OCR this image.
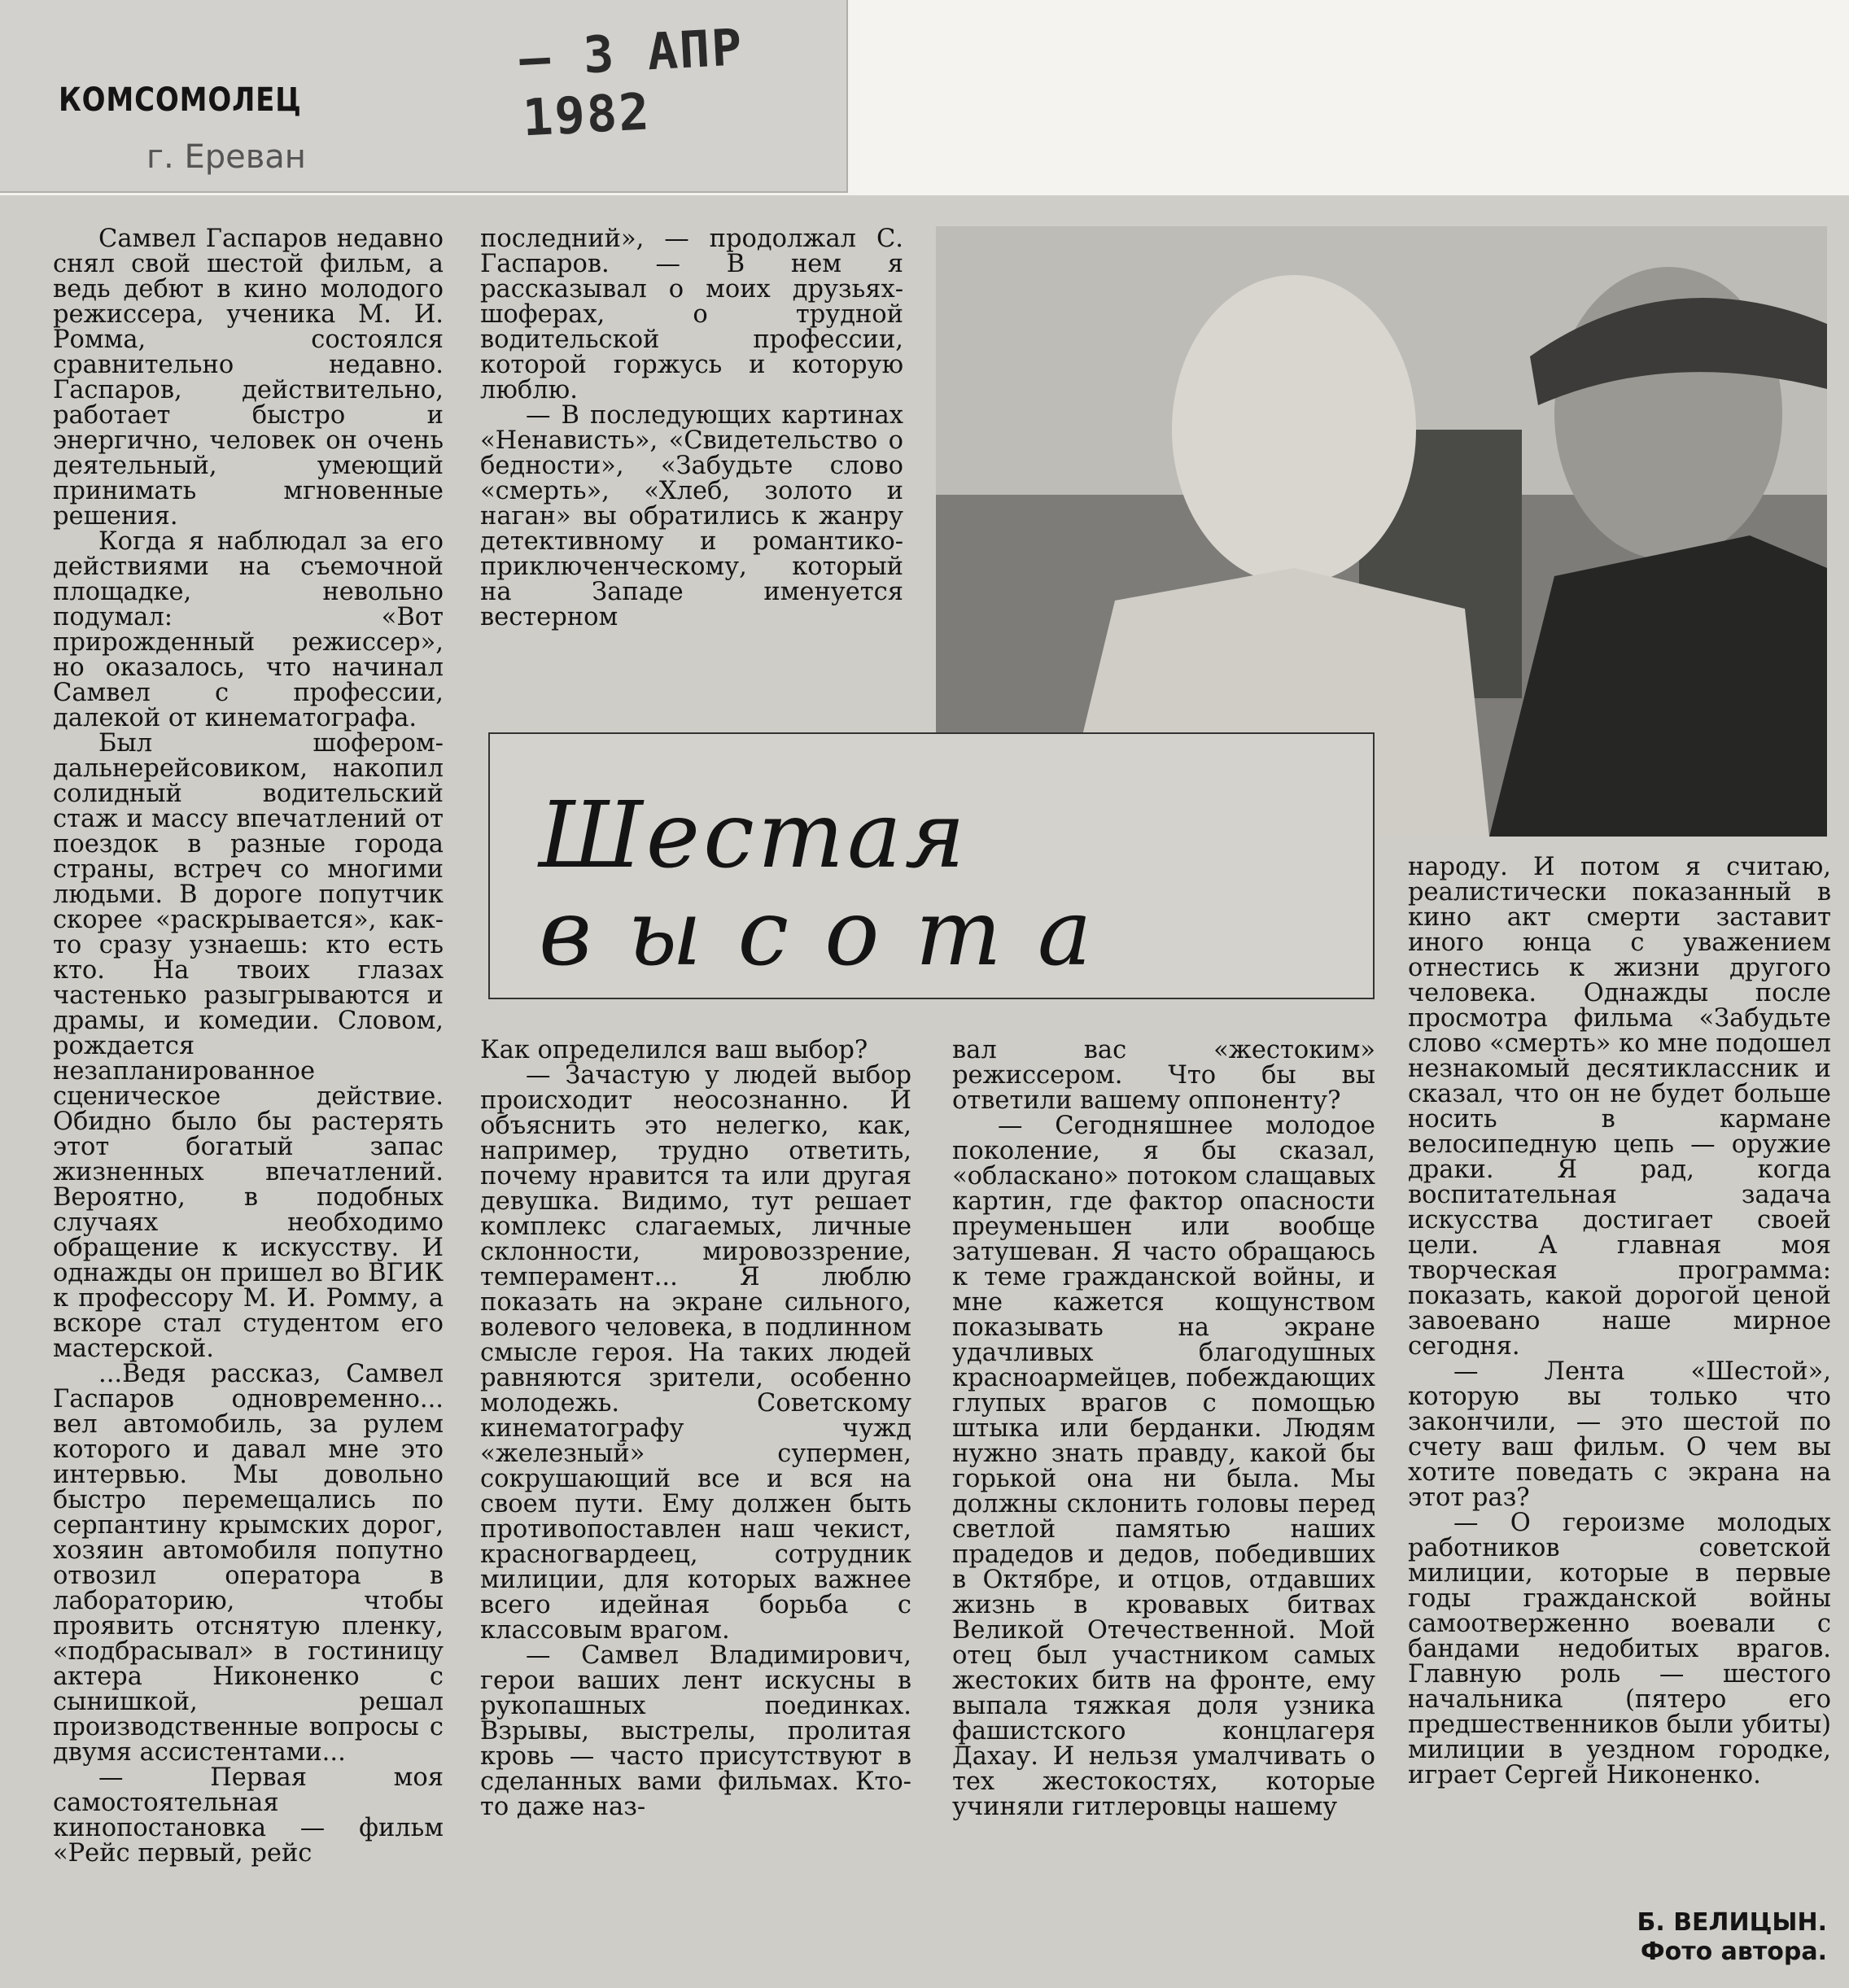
КОМСОМОЛЕЦ
г. Ереван
– 3 АПР 1982

Самвел Гаспаров недавно снял свой шестой фильм, а ведь дебют в кино молодого режиссера, ученика М. И. Ромма, состоялся сравнительно недавно. Гаспаров, действительно, работает быстро и энергично, человек он очень деятельный, умеющий принимать мгновенные решения.

Когда я наблюдал за его действиями на съемочной площадке, невольно подумал: «Вот прирожденный режиссер», но оказалось, что начинал Самвел с профессии, далекой от кинематографа.

Был шофером-дальнерейсовиком, накопил солидный водительский стаж и массу впечатлений от поездок в разные города страны, встреч со многими людьми. В дороге попутчик скорее «раскрывается», как-то сразу узнаешь: кто есть кто. На твоих глазах частенько разыгрываются и драмы, и комедии. Словом, рождается незапланированное сценическое действие. Обидно было бы растерять этот богатый запас жизненных впечатлений. Вероятно, в подобных случаях необходимо обращение к искусству. И однажды он пришел во ВГИК к профессору М. И. Ромму, а вскоре стал студентом его мастерской.

...Ведя рассказ, Самвел Гаспаров одновременно... вел автомобиль, за рулем которого и давал мне это интервью. Мы довольно быстро перемещались по серпантину крымских дорог, хозяин автомобиля попутно отвозил оператора в лабораторию, чтобы проявить отснятую пленку, «подбрасывал» в гостиницу актера Никоненко с сынишкой, решал производственные вопросы с двумя ассистентами...

— Первая моя самостоятельная кинопостановка — фильм «Рейс первый, рейс

последний», — продолжал С. Гаспаров. — В нем я рассказывал о моих друзьях-шоферах, о трудной водительской профессии, которой горжусь и которую люблю.

— В последующих картинах «Ненависть», «Свидетельство о бедности», «Забудьте слово «смерть», «Хлеб, золото и наган» вы обратились к жанру детективному и романтико-приключенческому, который на Западе именуется вестерном

Шестая
высота

Как определился ваш выбор?

— Зачастую у людей выбор происходит неосознанно. И объяснить это нелегко, как, например, трудно ответить, почему нравится та или другая девушка. Видимо, тут решает комплекс слагаемых, личные склонности, мировоззрение, темперамент... Я люблю показать на экране сильного, волевого человека, в подлинном смысле героя. На таких людей равняются зрители, особенно молодежь. Советскому кинематографу чужд «железный» супермен, сокрушающий все и вся на своем пути. Ему должен быть противопоставлен наш чекист, красногвардеец, сотрудник милиции, для которых важнее всего идейная борьба с классовым врагом.

— Самвел Владимирович, герои ваших лент искусны в рукопашных поединках. Взрывы, выстрелы, пролитая кровь — часто присутствуют в сделанных вами фильмах. Кто-то даже наз-

вал вас «жестоким» режиссером. Что бы вы ответили вашему оппоненту?

— Сегодняшнее молодое поколение, я бы сказал, «обласкано» потоком слащавых картин, где фактор опасности преуменьшен или вообще затушеван. Я часто обращаюсь к теме гражданской войны, и мне кажется кощунством показывать на экране удачливых благодушных красноармейцев, побеждающих глупых врагов с помощью штыка или берданки. Людям нужно знать правду, какой бы горькой она ни была. Мы должны склонить головы перед светлой памятью наших прадедов и дедов, победивших в Октябре, и отцов, отдавших жизнь в кровавых битвах Великой Отечественной. Мой отец был участником самых жестоких битв на фронте, ему выпала тяжкая доля узника фашистского концлагеря Дахау. И нельзя умалчивать о тех жестокостях, которые учиняли гитлеровцы нашему

народу. И потом я считаю, реалистически показанный в кино акт смерти заставит иного юнца с уважением отнестись к жизни другого человека. Однажды после просмотра фильма «Забудьте слово «смерть» ко мне подошел незнакомый десятиклассник и сказал, что он не будет больше носить в кармане велосипедную цепь — оружие драки. Я рад, когда воспитательная задача искусства достигает своей цели. А главная моя творческая программа: показать, какой дорогой ценой завоевано наше мирное сегодня.

— Лента «Шестой», которую вы только что закончили, — это шестой по счету ваш фильм. О чем вы хотите поведать с экрана на этот раз?

— О героизме молодых работников советской милиции, которые в первые годы гражданской войны самоотверженно воевали с бандами недобитых врагов. Главную роль — шестого начальника (пятеро его предшественников были убиты) милиции в уездном городке, играет Сергей Никоненко.

Б. ВЕЛИЦЫН.
Фото автора.
